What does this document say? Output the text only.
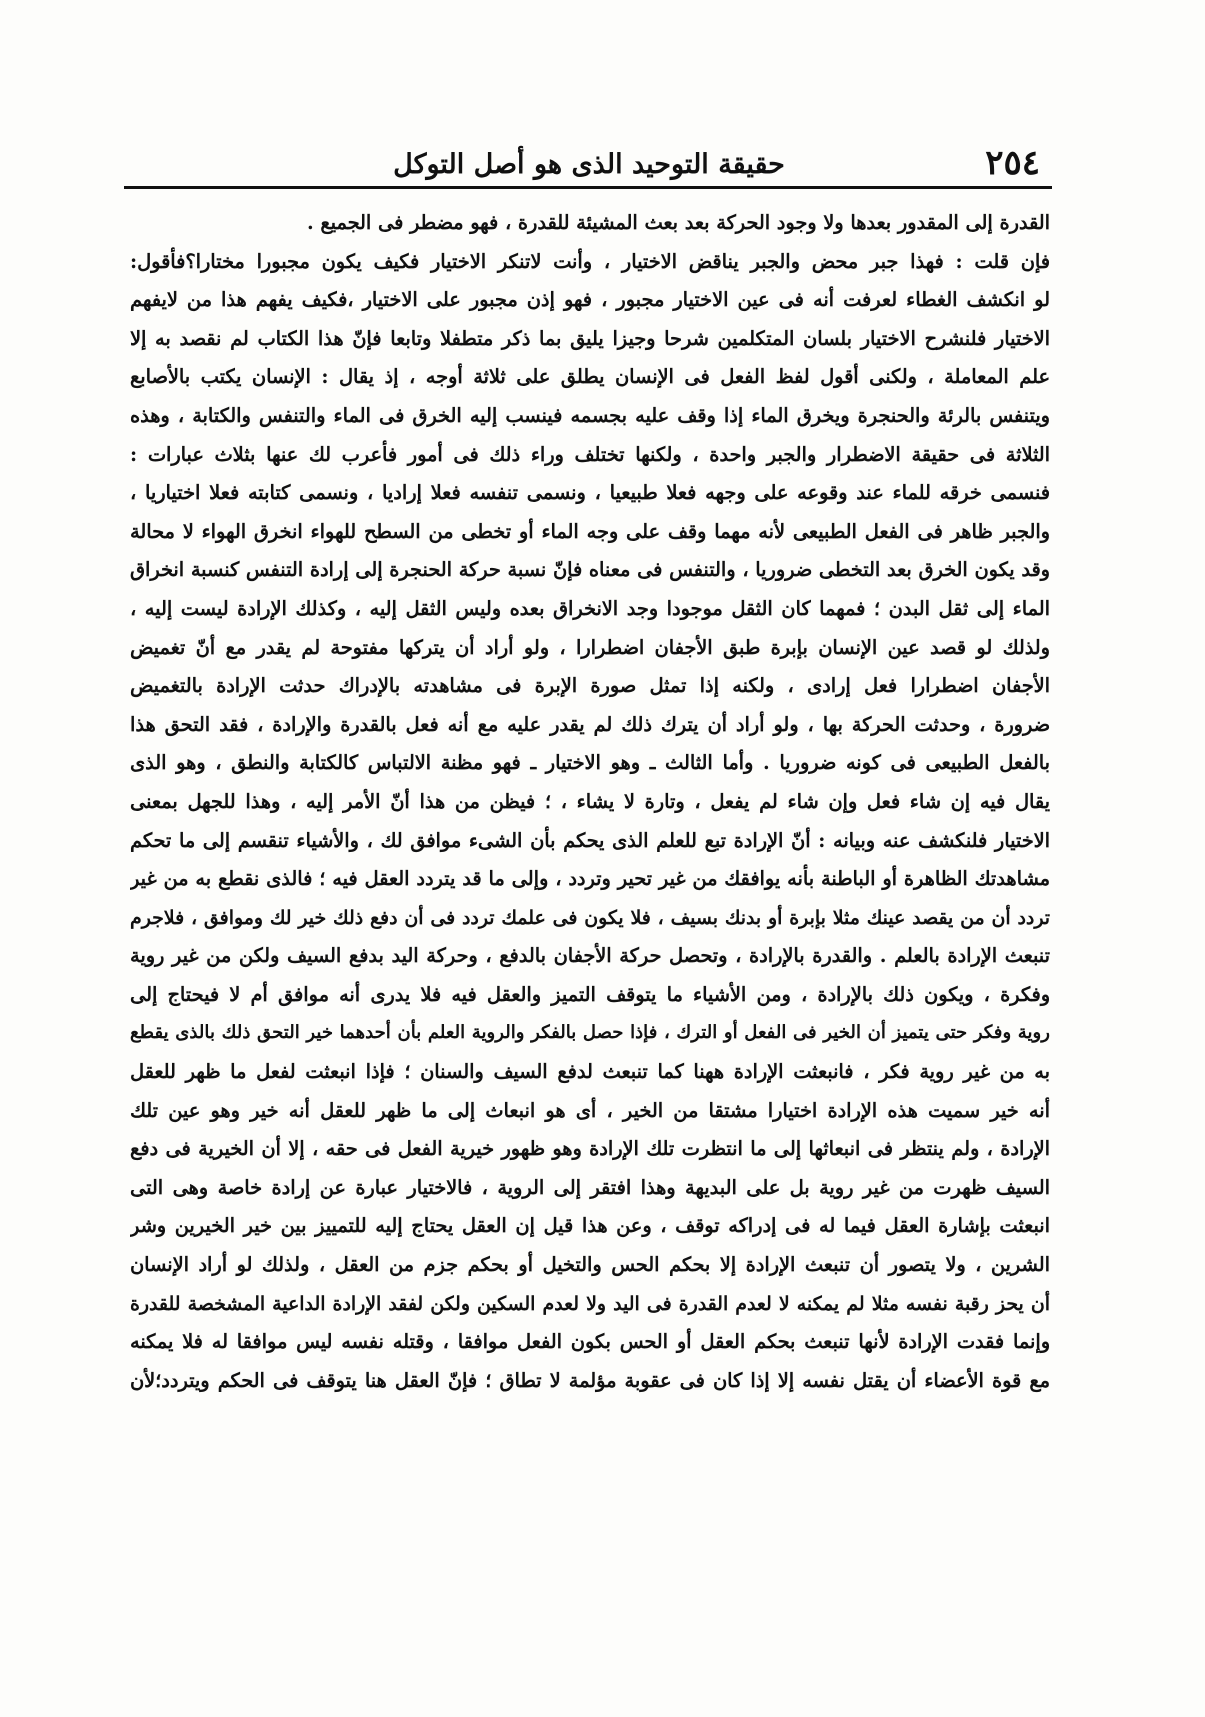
٢٥٤
حقيقة التوحيد الذى هو أصل التوكل
القدرة إلى المقدور بعدها ولا وجود الحركة بعد بعث المشيئة للقدرة ، فهو مضطر فى الجميع .
فإن قلت : فهذا جبر محض والجبر يناقض الاختيار ، وأنت لاتنكر الاختيار فكيف يكون مجبورا مختارا؟فأقول:
لو انكشف الغطاء لعرفت أنه فى عين الاختيار مجبور ، فهو إذن مجبور على الاختيار ،فكيف يفهم هذا من لايفهم
الاختيار فلنشرح الاختيار بلسان المتكلمين شرحا وجيزا يليق بما ذكر متطفلا وتابعا فإنّ هذا الكتاب لم نقصد به إلا
علم المعاملة ، ولكنى أقول لفظ الفعل فى الإنسان يطلق على ثلاثة أوجه ، إذ يقال : الإنسان يكتب بالأصابع
ويتنفس بالرئة والحنجرة ويخرق الماء إذا وقف عليه بجسمه فينسب إليه الخرق فى الماء والتنفس والكتابة ، وهذه
الثلاثة فى حقيقة الاضطرار والجبر واحدة ، ولكنها تختلف وراء ذلك فى أمور فأعرب لك عنها بثلاث عبارات :
فنسمى خرقه للماء عند وقوعه على وجهه فعلا طبيعيا ، ونسمى تنفسه فعلا إراديا ، ونسمى كتابته فعلا اختياريا ،
والجبر ظاهر فى الفعل الطبيعى لأنه مهما وقف على وجه الماء أو تخطى من السطح للهواء انخرق الهواء لا محالة
وقد يكون الخرق بعد التخطى ضروريا ، والتنفس فى معناه فإنّ نسبة حركة الحنجرة إلى إرادة التنفس كنسبة انخراق
الماء إلى ثقل البدن ؛ فمهما كان الثقل موجودا وجد الانخراق بعده وليس الثقل إليه ، وكذلك الإرادة ليست إليه ،
ولذلك لو قصد عين الإنسان بإبرة طبق الأجفان اضطرارا ، ولو أراد أن يتركها مفتوحة لم يقدر مع أنّ تغميض
الأجفان اضطرارا فعل إرادى ، ولكنه إذا تمثل صورة الإبرة فى مشاهدته بالإدراك حدثت الإرادة بالتغميض
ضرورة ، وحدثت الحركة بها ، ولو أراد أن يترك ذلك لم يقدر عليه مع أنه فعل بالقدرة والإرادة ، فقد التحق هذا
بالفعل الطبيعى فى كونه ضروريا . وأما الثالث ـ وهو الاختيار ـ فهو مظنة الالتباس كالكتابة والنطق ، وهو الذى
يقال فيه إن شاء فعل وإن شاء لم يفعل ، وتارة لا يشاء ، ؛ فيظن من هذا أنّ الأمر إليه ، وهذا للجهل بمعنى
الاختيار فلنكشف عنه وبيانه : أنّ الإرادة تبع للعلم الذى يحكم بأن الشىء موافق لك ، والأشياء تنقسم إلى ما تحكم
مشاهدتك الظاهرة أو الباطنة بأنه يوافقك من غير تحير وتردد ، وإلى ما قد يتردد العقل فيه ؛ فالذى نقطع به من غير
تردد أن من يقصد عينك مثلا بإبرة أو بدنك بسيف ، فلا يكون فى علمك تردد فى أن دفع ذلك خير لك وموافق ، فلاجرم
تنبعث الإرادة بالعلم . والقدرة بالإرادة ، وتحصل حركة الأجفان بالدفع ، وحركة اليد بدفع السيف ولكن من غير روية
وفكرة ، ويكون ذلك بالإرادة ، ومن الأشياء ما يتوقف التميز والعقل فيه فلا يدرى أنه موافق أم لا فيحتاج إلى
روية وفكر حتى يتميز أن الخير فى الفعل أو الترك ، فإذا حصل بالفكر والروية العلم بأن أحدهما خير التحق ذلك بالذى يقطع
به من غير روية فكر ، فانبعثت الإرادة ههنا كما تنبعث لدفع السيف والسنان ؛ فإذا انبعثت لفعل ما ظهر للعقل
أنه خير سميت هذه الإرادة اختيارا مشتقا من الخير ، أى هو انبعاث إلى ما ظهر للعقل أنه خير وهو عين تلك
الإرادة ، ولم ينتظر فى انبعاثها إلى ما انتظرت تلك الإرادة وهو ظهور خيرية الفعل فى حقه ، إلا أن الخيرية فى دفع
السيف ظهرت من غير روية بل على البديهة وهذا افتقر إلى الروية ، فالاختيار عبارة عن إرادة خاصة وهى التى
انبعثت بإشارة العقل فيما له فى إدراكه توقف ، وعن هذا قيل إن العقل يحتاج إليه للتمييز بين خير الخيرين وشر
الشرين ، ولا يتصور أن تنبعث الإرادة إلا بحكم الحس والتخيل أو بحكم جزم من العقل ، ولذلك لو أراد الإنسان
أن يحز رقبة نفسه مثلا لم يمكنه لا لعدم القدرة فى اليد ولا لعدم السكين ولكن لفقد الإرادة الداعية المشخصة للقدرة
وإنما فقدت الإرادة لأنها تنبعث بحكم العقل أو الحس بكون الفعل موافقا ، وقتله نفسه ليس موافقا له فلا يمكنه
مع قوة الأعضاء أن يقتل نفسه إلا إذا كان فى عقوبة مؤلمة لا تطاق ؛ فإنّ العقل هنا يتوقف فى الحكم ويتردد؛لأن
